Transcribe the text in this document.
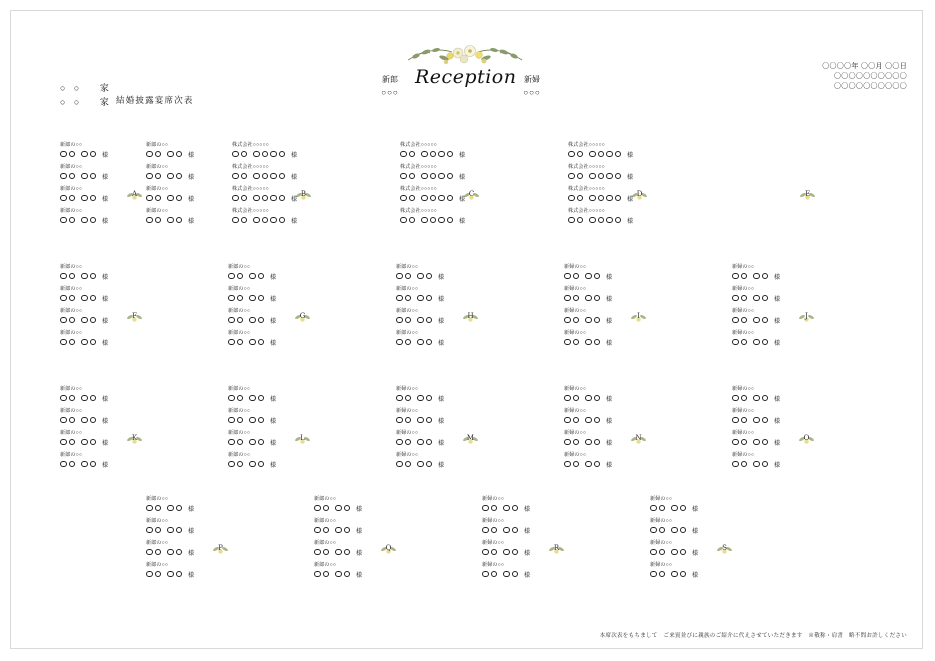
Reception
新郎
○○○
新婦
○○○
〇〇〇〇年 〇〇月 〇〇日
〇〇〇〇〇〇〇〇〇〇
〇〇〇〇〇〇〇〇〇〇
○ ○ 　家
○ ○ 　家 結婚披露宴席次表
新郎の○○
様
新郎の○○
様
新郎の○○
様
新郎の○○
様
A
新郎の○○
様
新郎の○○
様
新郎の○○
様
新郎の○○
様
B
株式会社○○○○○
様
株式会社○○○○○
様
株式会社○○○○○
様
株式会社○○○○○
様
C
株式会社○○○○○
様
株式会社○○○○○
様
株式会社○○○○○
様
株式会社○○○○○
様
D
株式会社○○○○○
様
株式会社○○○○○
様
株式会社○○○○○
様
株式会社○○○○○
様
E
新郎の○○
様
新郎の○○
様
新郎の○○
様
新郎の○○
様
F
新郎の○○
様
新郎の○○
様
新郎の○○
様
新郎の○○
様
G
新郎の○○
様
新郎の○○
様
新郎の○○
様
新郎の○○
様
H
新婦の○○
様
新婦の○○
様
新婦の○○
様
新婦の○○
様
I
新婦の○○
様
新婦の○○
様
新婦の○○
様
新婦の○○
様
J
新郎の○○
様
新郎の○○
様
新郎の○○
様
新郎の○○
様
K
新郎の○○
様
新郎の○○
様
新郎の○○
様
新郎の○○
様
L
新婦の○○
様
新婦の○○
様
新婦の○○
様
新婦の○○
様
M
新婦の○○
様
新婦の○○
様
新婦の○○
様
新婦の○○
様
N
新婦の○○
様
新婦の○○
様
新婦の○○
様
新婦の○○
様
O
新郎の○○
様
新郎の○○
様
新郎の○○
様
新郎の○○
様
P
新郎の○○
様
新郎の○○
様
新郎の○○
様
新郎の○○
様
Q
新婦の○○
様
新婦の○○
様
新婦の○○
様
新婦の○○
様
R
新婦の○○
様
新婦の○○
様
新婦の○○
様
新婦の○○
様
S
本席次表をもちまして　ご来賓並びに親族のご紹介に代えさせていただきます　※敬称・肩書　略不問お許しください
